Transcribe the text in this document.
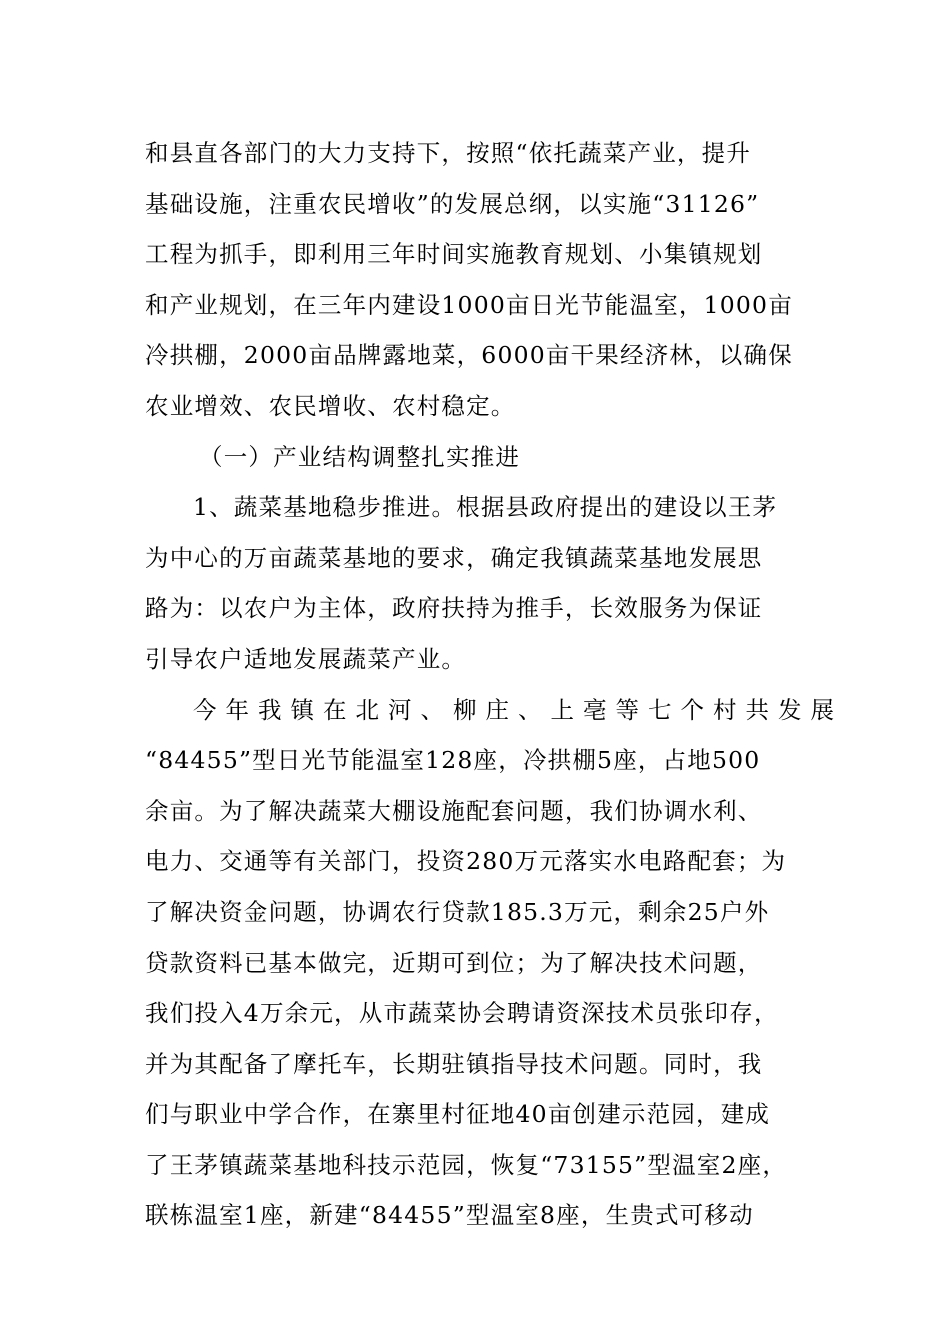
和县直各部门的大力支持下，按照“依托蔬菜产业，提升
基础设施，注重农民增收”的发展总纲，以实施“31126”
工程为抓手，即利用三年时间实施教育规划、小集镇规划
和产业规划，在三年内建设1000亩日光节能温室，1000亩
冷拱棚，2000亩品牌露地菜，6000亩干果经济林，以确保
农业增效、农民增收、农村稳定。
（一）产业结构调整扎实推进
1、蔬菜基地稳步推进。根据县政府提出的建设以王茅
为中心的万亩蔬菜基地的要求，确定我镇蔬菜基地发展思
路为：以农户为主体，政府扶持为推手，长效服务为保证
引导农户适地发展蔬菜产业。
今年我镇在北河、柳庄、上亳等七个村共发展
“84455”型日光节能温室128座，冷拱棚5座，占地500
余亩。为了解决蔬菜大棚设施配套问题，我们协调水利、
电力、交通等有关部门，投资280万元落实水电路配套；为
了解决资金问题，协调农行贷款185.3万元，剩余25户外
贷款资料已基本做完，近期可到位；为了解决技术问题，
我们投入4万余元，从市蔬菜协会聘请资深技术员张印存，
并为其配备了摩托车，长期驻镇指导技术问题。同时，我
们与职业中学合作，在寨里村征地40亩创建示范园，建成
了王茅镇蔬菜基地科技示范园，恢复“73155”型温室2座，
联栋温室1座，新建“84455”型温室8座，生贵式可移动
